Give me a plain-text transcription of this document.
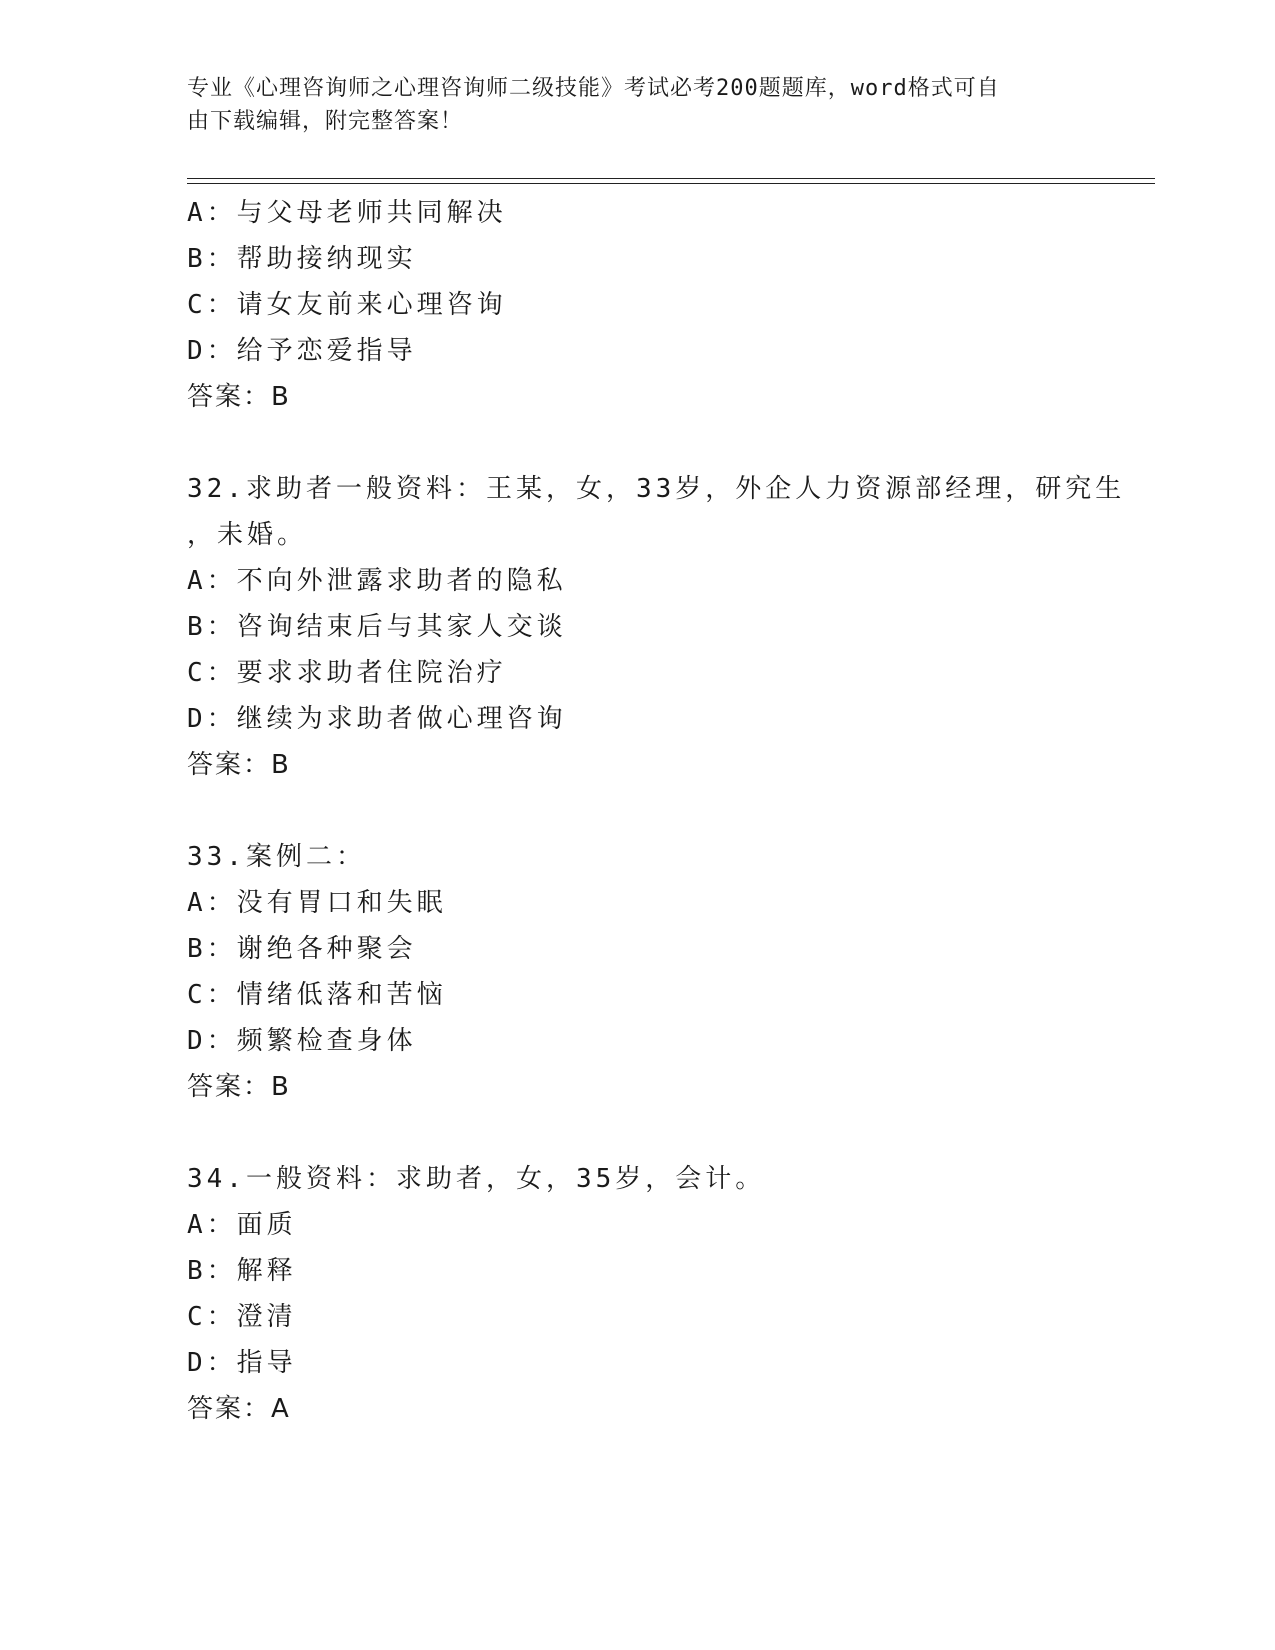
专业《心理咨询师之心理咨询师二级技能》考试必考200题题库，word格式可自
由下载编辑，附完整答案！
A：与父母老师共同解决
B：帮助接纳现实
C：请女友前来心理咨询
D：给予恋爱指导
答案：B
32.求助者一般资料：王某，女，33岁，外企人力资源部经理，研究生
，未婚。
A：不向外泄露求助者的隐私
B：咨询结束后与其家人交谈
C：要求求助者住院治疗
D：继续为求助者做心理咨询
答案：B
33.案例二：
A：没有胃口和失眠
B：谢绝各种聚会
C：情绪低落和苦恼
D：频繁检查身体
答案：B
34.一般资料：求助者，女，35岁，会计。
A：面质
B：解释
C：澄清
D：指导
答案：A
